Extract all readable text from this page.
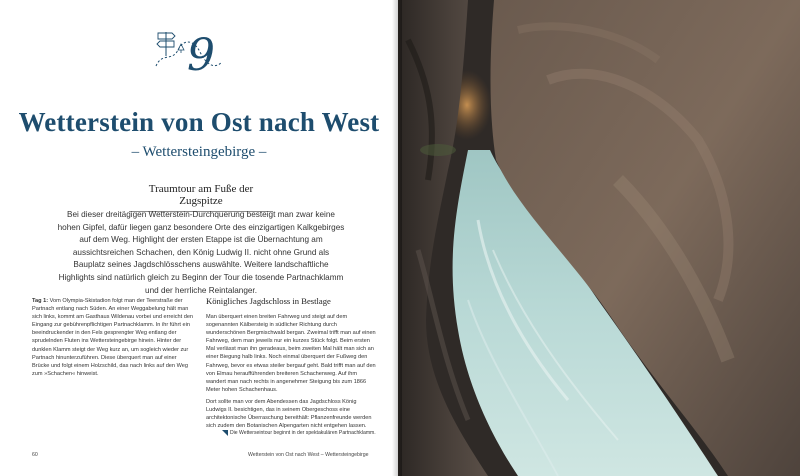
9
Wetterstein von Ost nach West
– Wettersteingebirge –
Traumtour am Fuße der Zugspitze

Bei dieser dreitägigen Wetterstein-Durchquerung besteigt man zwar keine hohen Gipfel, dafür liegen ganz besondere Orte des einzigartigen Kalkgebirges auf dem Weg. Highlight der ersten Etappe ist die Übernachtung am aussichtsreichen Schachen, den König Ludwig II. nicht ohne Grund als Bauplatz seines Jagdschlösschens auswählte. Weitere landschaftliche Highlights sind natürlich gleich zu Beginn der Tour die tosende Partnachklamm und der herrliche Reintalanger.

Tag 1: Vom Olympia-Skistadion folgt man der Teerstraße der Partnach entlang nach Süden. An einer Weggabelung hält man sich links, kommt am Gasthaus Wildenau vorbei und erreicht den Eingang zur gebührenpflichtigen Partnachklamm. In ihr führt ein beeindruckender in den Fels gesprengter Weg entlang der sprudelnden Fluten ins Wettersteingebirge hinein. Hinter der dunklen Klamm steigt der Weg kurz an, um sogleich wieder zur Partnach hinunterzuführen. Diese überquert man auf einer Brücke und folgt einem Holzschild, das nach links auf den Weg zum »Schachen« hinweist.

Königliches Jagdschloss in Bestlage

Man überquert einen breiten Fahrweg und steigt auf dem sogenannten Kälbersteig in südlicher Richtung durch wunderschönen Bergmischwald bergan. Zweimal trifft man auf einen Fahrweg, dem man jeweils nur ein kurzes Stück folgt. Beim ersten Mal verlässt man ihn geradeaus, beim zweiten Mal hält man sich an einer Biegung halb links. Noch einmal überquert der Fußweg den Fahrweg, bevor es etwas steiler bergauf geht. Bald trifft man auf den von Elmau heraufführenden breiteren Schachenweg. Auf ihm wandert man nach rechts in angenehmer Steigung bis zum 1866 Meter hohen Schachenhaus.

Dort sollte man vor dem Abendessen das Jagdschloss König Ludwigs II. besichtigen, das in seinem Obergeschoss eine architektonische Überraschung bereithält: Pflanzenfreunde werden sich zudem den Botanischen Alpengarten nicht entgehen lassen.

Die Wetterseintour beginnt in der spektakulären Partnachklamm.
60	Wetterstein von Ost nach West – Wettersteingebirge
